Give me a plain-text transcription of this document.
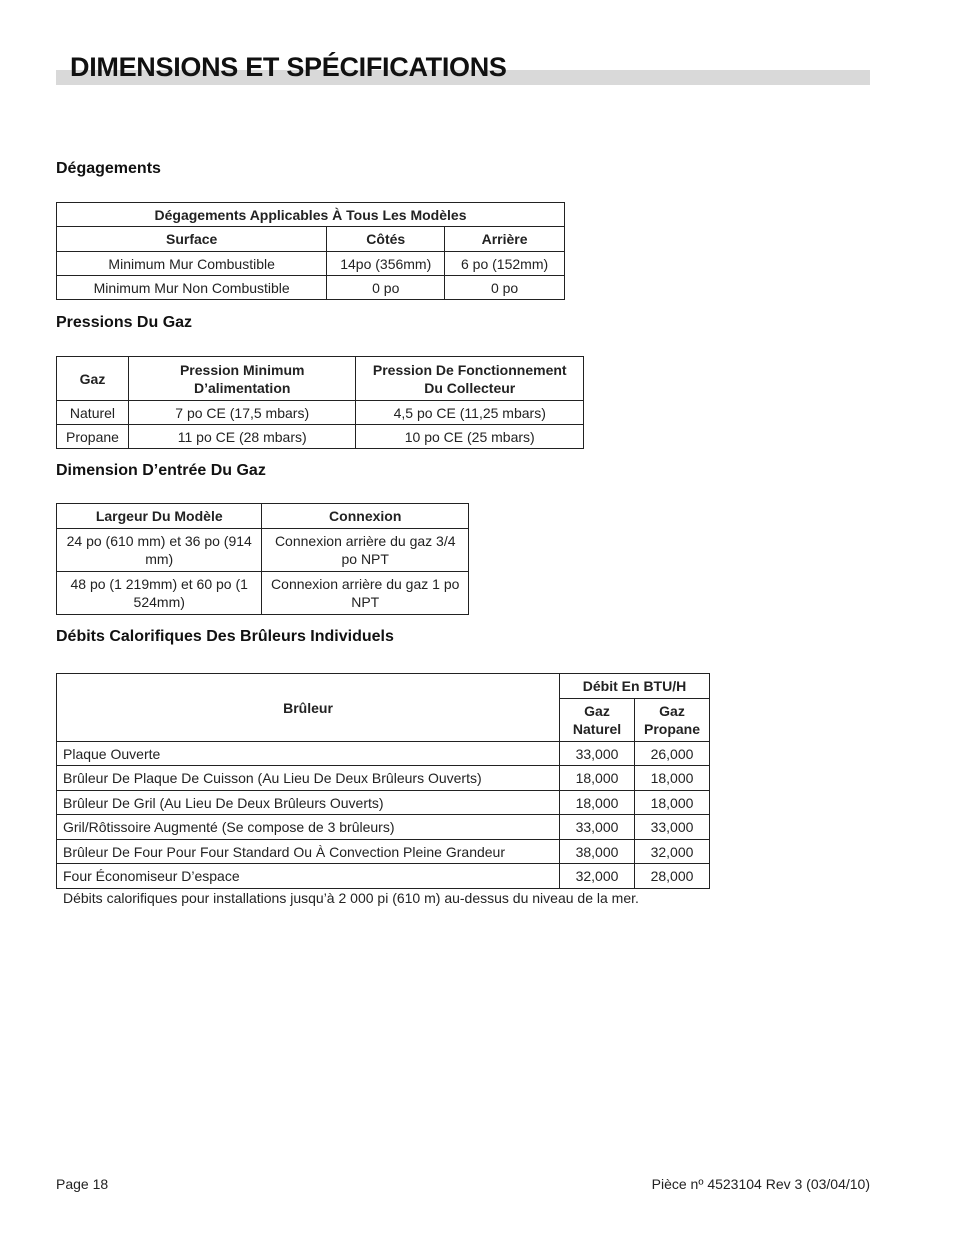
DIMENSIONS ET SPÉCIFICATIONS
Dégagements
Dégagements Applicables À Tous Les Modèles		
Surface	Côtés	Arrière
Minimum Mur Combustible	14po (356mm)	6 po (152mm)
Minimum Mur Non Combustible	0 po	0 po
Pressions Du Gaz
Gaz	Pression Minimum D’alimentation	Pression De Fonctionnement Du Collecteur
Naturel	7 po CE (17,5 mbars)	4,5 po CE (11,25 mbars)
Propane	11 po CE (28 mbars)	10 po CE (25 mbars)
Dimension D’entrée Du Gaz
Largeur Du Modèle	Connexion
24 po (610 mm) et 36 po (914 mm)	Connexion arrière du gaz 3/4 po NPT
48 po (1 219mm) et 60 po (1 524mm)	Connexion arrière du gaz 1 po NPT
Débits Calorifiques Des Brûleurs Individuels
Brûleur	Débit En BTU/H	
	Gaz Naturel	Gaz Propane
Plaque Ouverte	33,000	26,000
Brûleur De Plaque De Cuisson (Au Lieu De Deux Brûleurs Ouverts)	18,000	18,000
Brûleur De Gril (Au Lieu De Deux Brûleurs Ouverts)	18,000	18,000
Gril/Rôtissoire Augmenté (Se compose de 3 brûleurs)	33,000	33,000
Brûleur De Four Pour Four Standard Ou À Convection Pleine Grandeur	38,000	32,000
Four Économiseur D’espace	32,000	28,000
Débits calorifiques pour installations jusqu’à 2 000 pi (610 m) au-dessus du niveau de la mer.
Page 18	Pièce nº 4523104 Rev 3 (03/04/10)
